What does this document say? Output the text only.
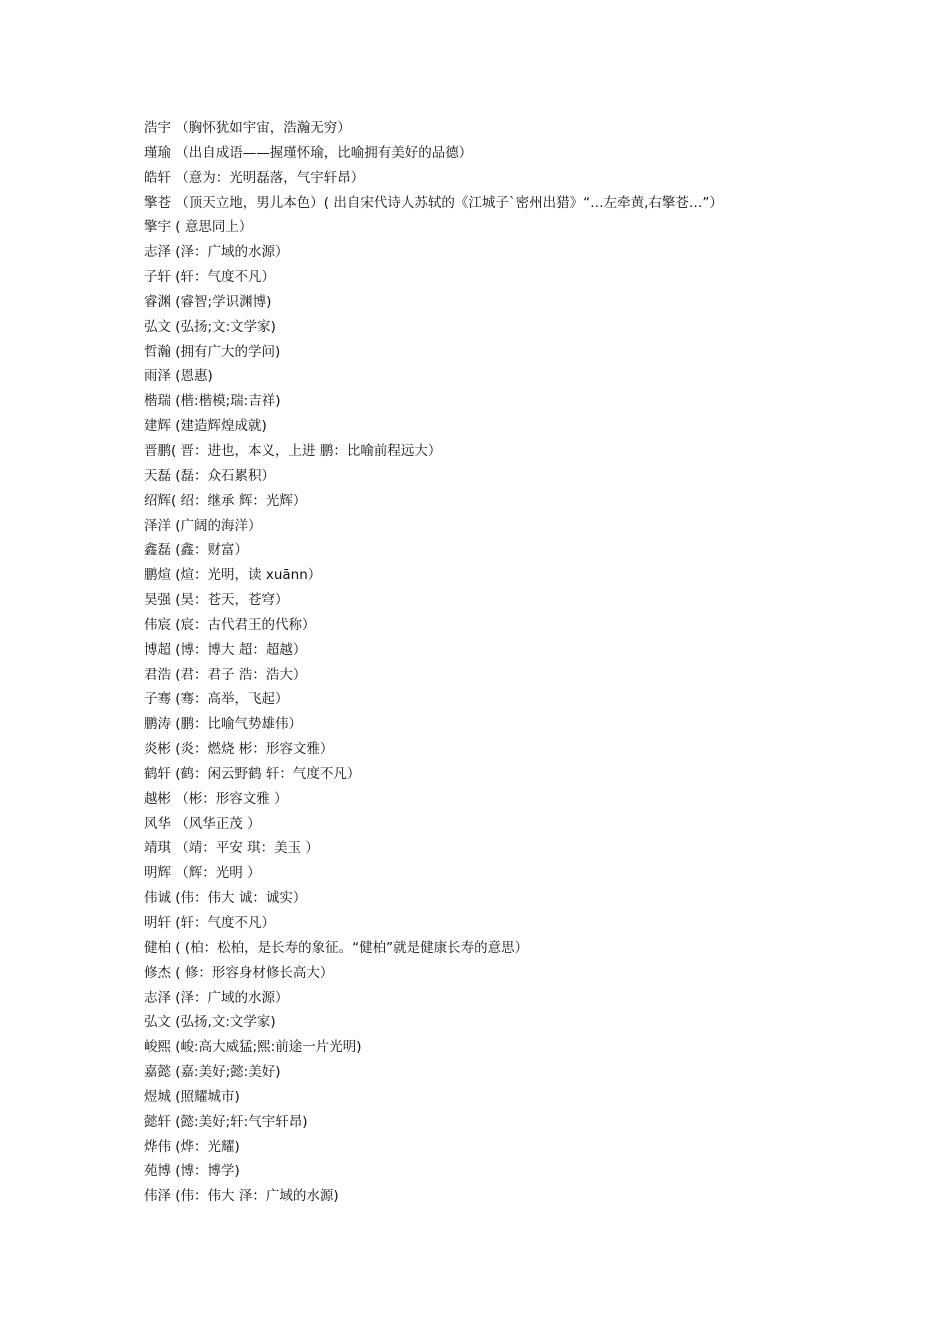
浩宇 （胸怀犹如宇宙，浩瀚无穷）
瑾瑜 （出自成语——握瑾怀瑜，比喻拥有美好的品德）
皓轩 （意为：光明磊落，气宇轩昂）
擎苍 （顶天立地，男儿本色）( 出自宋代诗人苏轼的《江城子`密州出猎》“…左牵黄,右擎苍…”）
擎宇 ( 意思同上）
志泽 (泽：广域的水源）
子轩 (轩：气度不凡）
睿渊 (睿智;学识渊博)
弘文 (弘扬;文:文学家)
哲瀚 (拥有广大的学问)
雨泽 (恩惠)
楷瑞 (楷:楷模;瑞:吉祥)
建辉 (建造辉煌成就)
晋鹏( 晋：进也，本义，上进 鹏：比喻前程远大）
天磊 (磊：众石累积）
绍辉( 绍：继承 辉：光辉）
泽洋 (广阔的海洋）
鑫磊 (鑫：财富）
鹏煊 (煊：光明，读 xuānn）
昊强 (昊：苍天，苍穹）
伟宸 (宸：古代君王的代称）
博超 (博：博大 超：超越）
君浩 (君：君子 浩：浩大）
子骞 (骞：高举，飞起）
鹏涛 (鹏：比喻气势雄伟）
炎彬 (炎：燃烧 彬：形容文雅）
鹤轩 (鹤：闲云野鹤 轩：气度不凡）
越彬 （彬：形容文雅 ）
风华 （风华正茂 ）
靖琪 （靖：平安 琪：美玉 ）
明辉 （辉：光明 ）
伟诚 (伟：伟大 诚：诚实）
明轩 (轩：气度不凡）
健柏 ( (柏：松柏，是长寿的象征。“健柏”就是健康长寿的意思）
修杰 ( 修：形容身材修长高大）
志泽 (泽：广域的水源）
弘文 (弘扬,文:文学家)
峻熙 (峻:高大威猛;熙:前途一片光明)
嘉懿 (嘉:美好;懿:美好)
煜城 (照耀城市)
懿轩 (懿:美好;轩:气宇轩昂)
烨伟 (烨：光耀)
苑博 (博：博学)
伟泽 (伟：伟大 泽：广域的水源)
